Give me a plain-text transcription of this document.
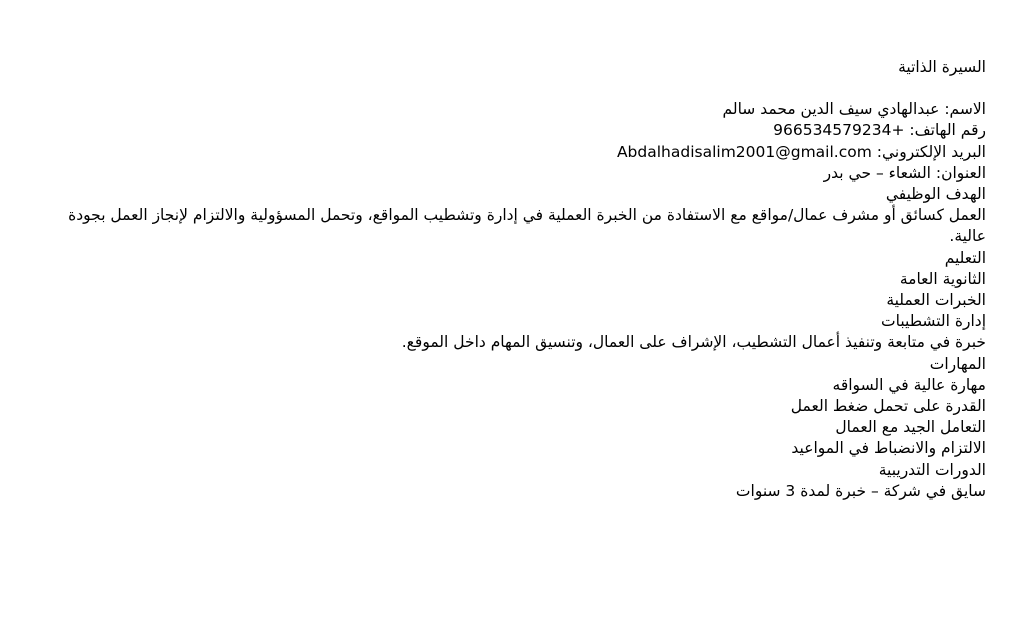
السيرة الذاتية

الاسم: عبدالهادي سيف الدين محمد سالم

رقم الهاتف: +966534579234

البريد الإلكتروني: Abdalhadisalim2001@gmail.com

العنوان: الشعاء – حي بدر

الهدف الوظيفي

العمل كسائق أو مشرف عمال/مواقع مع الاستفادة من الخبرة العملية في إدارة وتشطيب المواقع، وتحمل المسؤولية والالتزام لإنجاز العمل بجودة عالية.

التعليم

الثانوية العامة

الخبرات العملية

إدارة التشطيبات

خبرة في متابعة وتنفيذ أعمال التشطيب، الإشراف على العمال، وتنسيق المهام داخل الموقع.

المهارات

مهارة عالية في السواقه

القدرة على تحمل ضغط العمل

التعامل الجيد مع العمال

الالتزام والانضباط في المواعيد

الدورات التدريبية

سايق في شركة – خبرة لمدة 3 سنوات
